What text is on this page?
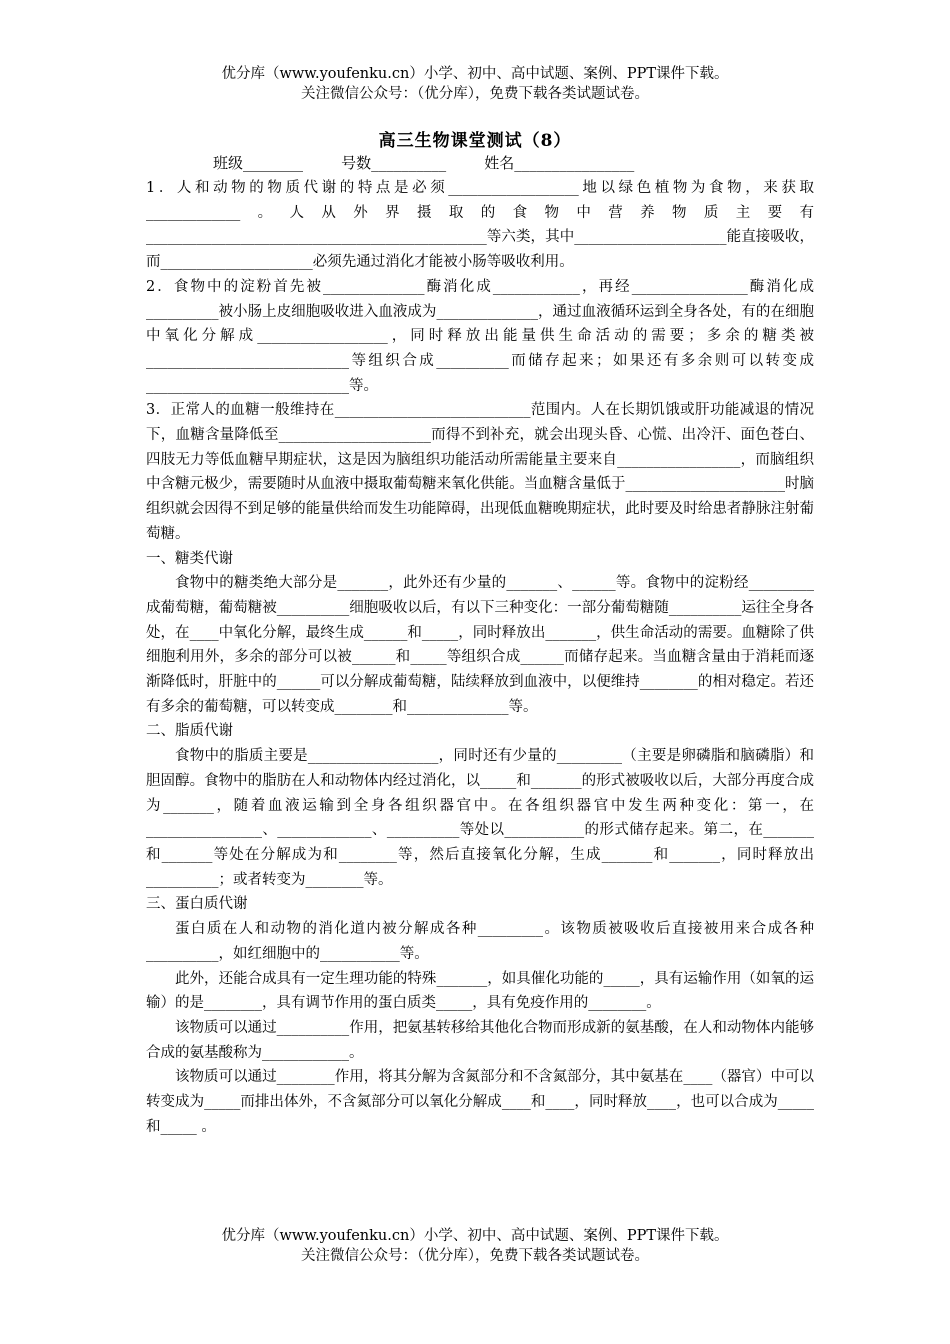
优分库（www.youfenku.cn）小学、初中、高中试题、案例、PPT课件下载。
关注微信公众号：（优分库），免费下载各类试题试卷。
高三生物课堂测试（8）
班级________        号数__________        姓名________________

1．人和动物的物质代谢的特点是必须__________________地以绿色植物为食物，来获取_____________。人从外界摄取的食物中营养物质主要有_______________________________________________等六类，其中_____________________能直接吸收，而_____________________必须先通过消化才能被小肠等吸收利用。

2．食物中的淀粉首先被______________酶消化成____________，再经________________酶消化成__________被小肠上皮细胞吸收进入血液成为______________，通过血液循环运到全身各处，有的在细胞中氧化分解成__________________，同时释放出能量供生命活动的需要；多余的糖类被____________________________等组织合成__________而储存起来；如果还有多余则可以转变成____________________________等。

3．正常人的血糖一般维持在___________________________范围内。人在长期饥饿或肝功能减退的情况下，血糖含量降低至_____________________而得不到补充，就会出现头昏、心慌、出冷汗、面色苍白、四肢无力等低血糖早期症状，这是因为脑组织功能活动所需能量主要来自_________________，而脑组织中含糖元极少，需要随时从血液中摄取葡萄糖来氧化供能。当血糖含量低于______________________时脑组织就会因得不到足够的能量供给而发生功能障碍，出现低血糖晚期症状，此时要及时给患者静脉注射葡萄糖。

一、糖类代谢

食物中的糖类绝大部分是_______，此外还有少量的_______、______等。食物中的淀粉经_________成葡萄糖，葡萄糖被__________细胞吸收以后，有以下三种变化：一部分葡萄糖随__________运往全身各处，在____中氧化分解，最终生成______和_____，同时释放出_______，供生命活动的需要。血糖除了供细胞利用外，多余的部分可以被______和_____等组织合成______而储存起来。当血糖含量由于消耗而逐渐降低时，肝脏中的______可以分解成葡萄糖，陆续释放到血液中，以便维持________的相对稳定。若还有多余的葡萄糖，可以转变成________和______________等。

二、脂质代谢

食物中的脂质主要是__________________，同时还有少量的_________（主要是卵磷脂和脑磷脂）和胆固醇。食物中的脂肪在人和动物体内经过消化，以_____和_______的形式被吸收以后，大部分再度合成为_______，随着血液运输到全身各组织器官中。在各组织器官中发生两种变化：第一，在________________、_____________、__________等处以___________的形式储存起来。第二，在_______和_______等处在分解成为和________等，然后直接氧化分解，生成_______和_______，同时释放出__________；或者转变为________等。

三、蛋白质代谢

蛋白质在人和动物的消化道内被分解成各种_________。该物质被吸收后直接被用来合成各种__________，如红细胞中的___________等。

此外，还能合成具有一定生理功能的特殊_______，如具催化功能的_____，具有运输作用（如氧的运输）的是________，具有调节作用的蛋白质类_____，具有免疫作用的________。

该物质可以通过__________作用，把氨基转移给其他化合物而形成新的氨基酸，在人和动物体内能够合成的氨基酸称为____________。

该物质可以通过________作用，将其分解为含氮部分和不含氮部分，其中氨基在____（器官）中可以转变成为_____而排出体外，不含氮部分可以氧化分解成____和____，同时释放____，也可以合成为_____和_____ 。

优分库（www.youfenku.cn）小学、初中、高中试题、案例、PPT课件下载。
关注微信公众号：（优分库），免费下载各类试题试卷。
